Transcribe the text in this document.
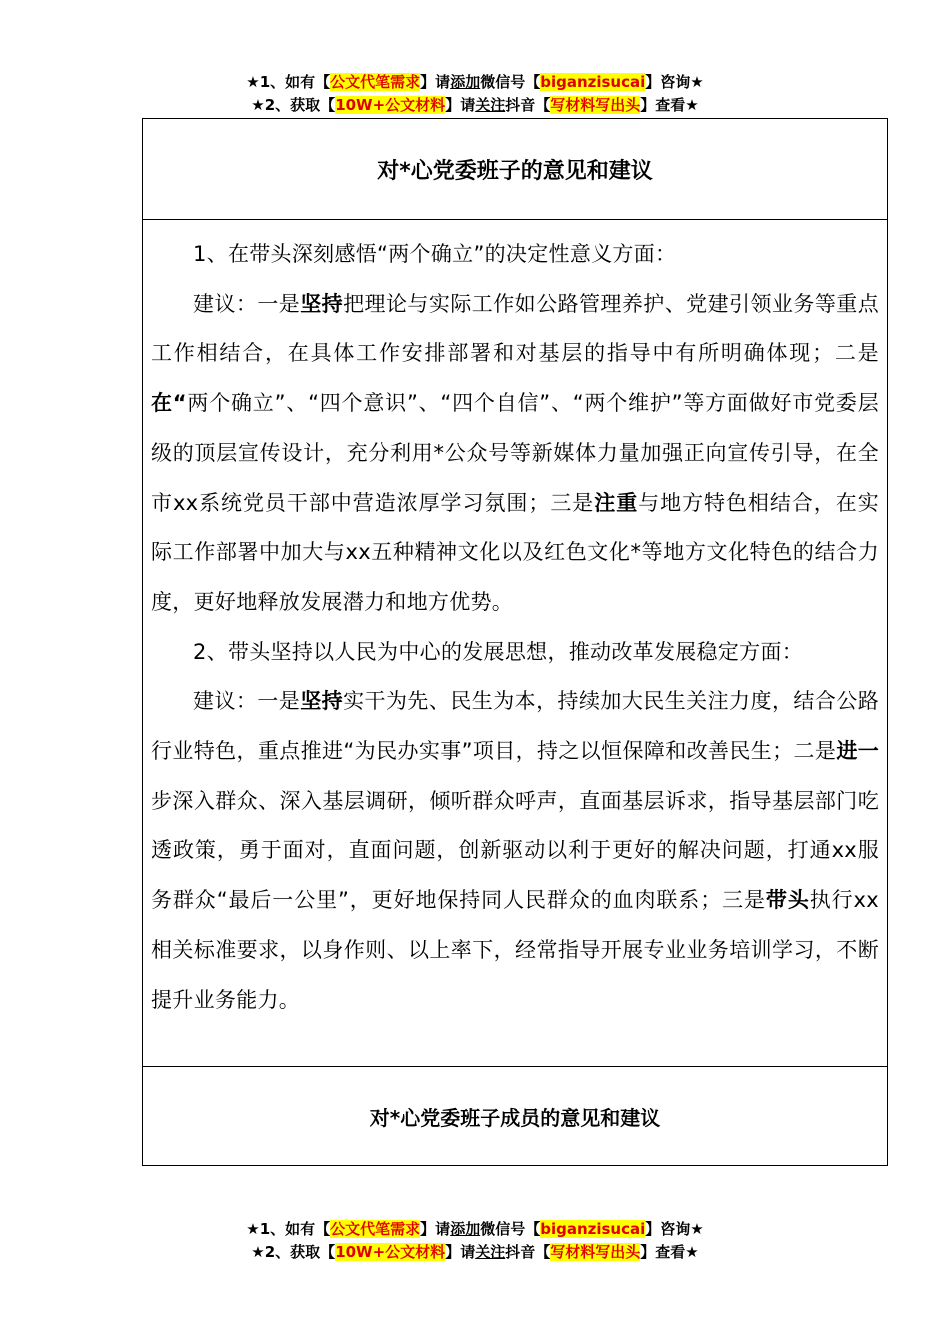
★1、如有【公文代笔需求】请添加微信号【biganzisucai】咨询★
★2、获取【10W+公文材料】请关注抖音【写材料写出头】查看★
对*心党委班子的意见和建议

1、在带头深刻感悟“两个确立”的决定性意义方面：

建议：一是坚持把理论与实际工作如公路管理养护、党建引领业务等重点工作相结合，在具体工作安排部署和对基层的指导中有所明确体现；二是在“两个确立”、“四个意识”、“四个自信”、“两个维护”等方面做好市党委层级的顶层宣传设计，充分利用*公众号等新媒体力量加强正向宣传引导，在全市xx系统党员干部中营造浓厚学习氛围；三是注重与地方特色相结合，在实际工作部署中加大与xx五种精神文化以及红色文化*等地方文化特色的结合力度，更好地释放发展潜力和地方优势。

2、带头坚持以人民为中心的发展思想，推动改革发展稳定方面：

建议：一是坚持实干为先、民生为本，持续加大民生关注力度，结合公路行业特色，重点推进“为民办实事”项目，持之以恒保障和改善民生；二是进一步深入群众、深入基层调研，倾听群众呼声，直面基层诉求，指导基层部门吃透政策，勇于面对，直面问题，创新驱动以利于更好的解决问题，打通xx服务群众“最后一公里”，更好地保持同人民群众的血肉联系；三是带头执行xx相关标准要求，以身作则、以上率下，经常指导开展专业业务培训学习，不断提升业务能力。

对*心党委班子成员的意见和建议
★1、如有【公文代笔需求】请添加微信号【biganzisucai】咨询★
★2、获取【10W+公文材料】请关注抖音【写材料写出头】查看★
